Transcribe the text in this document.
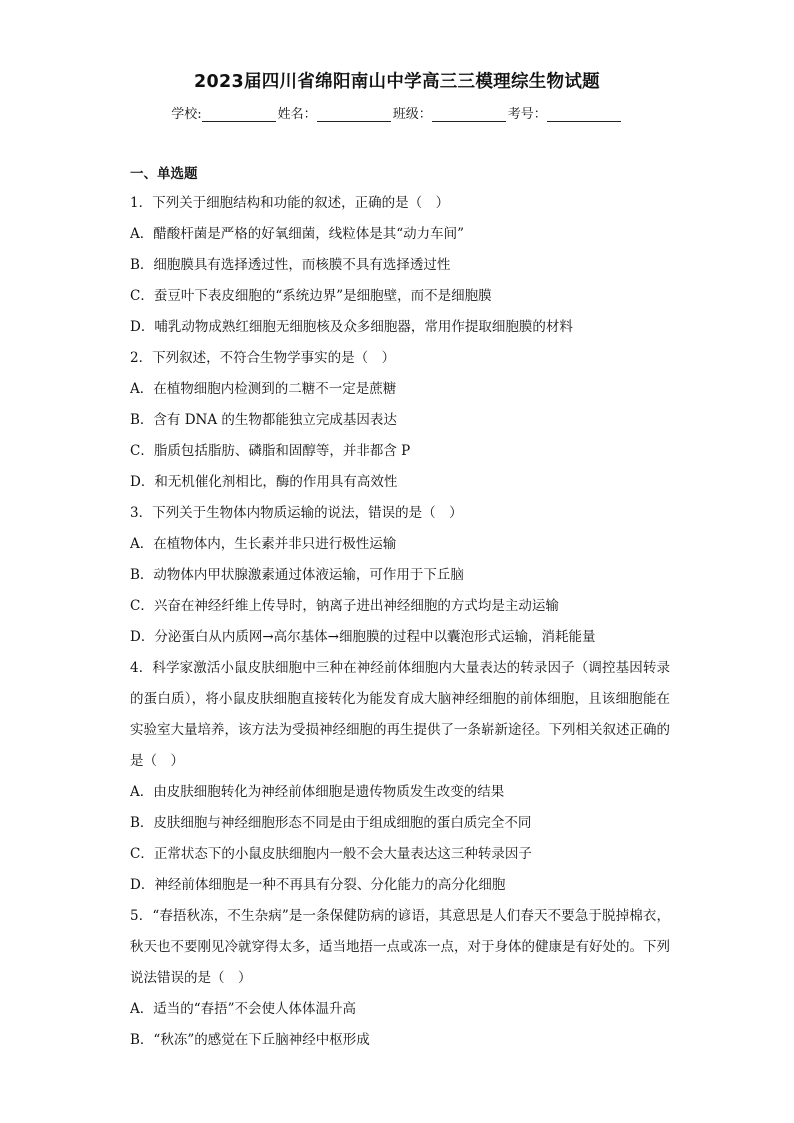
2023届四川省绵阳南山中学高三三模理综生物试题
学校:	姓名：	班级：	考号：
一、单选题
1．下列关于细胞结构和功能的叙述，正确的是（　）
A．醋酸杆菌是严格的好氧细菌，线粒体是其“动力车间”
B．细胞膜具有选择透过性，而核膜不具有选择透过性
C．蚕豆叶下表皮细胞的“系统边界”是细胞壁，而不是细胞膜
D．哺乳动物成熟红细胞无细胞核及众多细胞器，常用作提取细胞膜的材料
2．下列叙述，不符合生物学事实的是（　）
A．在植物细胞内检测到的二糖不一定是蔗糖
B．含有 DNA 的生物都能独立完成基因表达
C．脂质包括脂肪、磷脂和固醇等，并非都含 P
D．和无机催化剂相比，酶的作用具有高效性
3．下列关于生物体内物质运输的说法，错误的是（　）
A．在植物体内，生长素并非只进行极性运输
B．动物体内甲状腺激素通过体液运输，可作用于下丘脑
C．兴奋在神经纤维上传导时，钠离子进出神经细胞的方式均是主动运输
D．分泌蛋白从内质网→高尔基体→细胞膜的过程中以囊泡形式运输，消耗能量
4．科学家激活小鼠皮肤细胞中三种在神经前体细胞内大量表达的转录因子（调控基因转录的蛋白质），将小鼠皮肤细胞直接转化为能发育成大脑神经细胞的前体细胞，且该细胞能在实验室大量培养，该方法为受损神经细胞的再生提供了一条崭新途径。下列相关叙述正确的是（　）
A．由皮肤细胞转化为神经前体细胞是遗传物质发生改变的结果
B．皮肤细胞与神经细胞形态不同是由于组成细胞的蛋白质完全不同
C．正常状态下的小鼠皮肤细胞内一般不会大量表达这三种转录因子
D．神经前体细胞是一种不再具有分裂、分化能力的高分化细胞
5．“春捂秋冻，不生杂病”是一条保健防病的谚语，其意思是人们春天不要急于脱掉棉衣，秋天也不要刚见冷就穿得太多，适当地捂一点或冻一点，对于身体的健康是有好处的。下列说法错误的是（　）
A．适当的“春捂”不会使人体体温升高
B．“秋冻”的感觉在下丘脑神经中枢形成
